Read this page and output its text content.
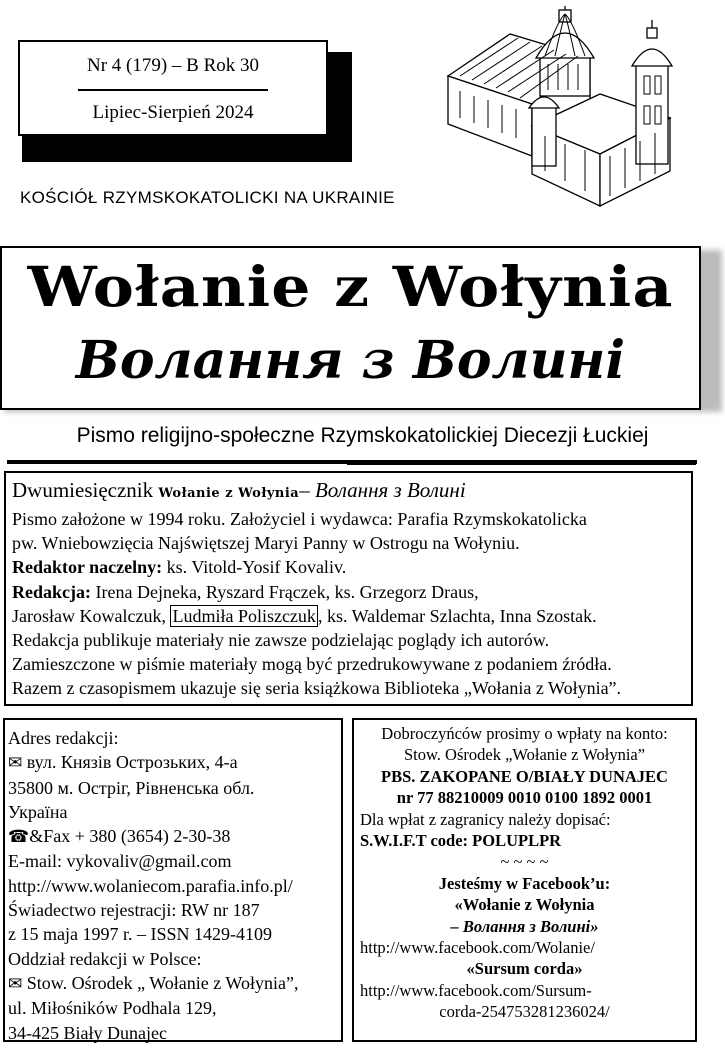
Nr 4 (179) – B Rok 30
Lipiec-Sierpień 2024
KOŚCIÓŁ RZYMSKOKATOLICKI NA UKRAINIE
Wołanie z Wołynia
Волання з Волині
Pismo religijno-społeczne Rzymskokatolickiej Diecezji Łuckiej
Dwumiesięcznik Wołanie z Wołynia– Волання з Волині
Pismo założone w 1994 roku. Założyciel i wydawca: Parafia Rzymskokatolicka
pw. Wniebowzięcia Najświętszej Maryi Panny w Ostrogu na Wołyniu.
Redaktor naczelny: ks. Vitold-Yosif Kovaliv.
Redakcja: Irena Dejneka, Ryszard Frączek, ks. Grzegorz Draus,
Jarosław Kowalczuk, Ludmiła Poliszczuk , ks. Waldemar Szlachta, Inna Szostak.
Redakcja publikuje materiały nie zawsze podzielając poglądy ich autorów.
Zamieszczone w piśmie materiały mogą być przedrukowywane z podaniem źródła.
Razem z czasopismem ukazuje się seria książkowa Biblioteka „Wołania z Wołynia”.
Adres redakcji:
✉ вул. Князів Острозьких, 4-а
35800 м. Острiг, Рiвненська обл.
Україна
☎&Fax + 380 (3654) 2-30-38
E-mail: vykovaliv@gmail.com
http://www.wolaniecom.parafia.info.pl/
Świadectwo rejestracji: RW nr 187
z 15 maja 1997 r. – ISSN 1429-4109
Oddział redakcji w Polsce:
✉ Stow. Ośrodek „ Wołanie z Wołynia”,
ul. Miłośników Podhala 129,
34-425 Biały Dunajec
Dobroczyńców prosimy o wpłaty na konto:
Stow. Ośrodek „Wołanie z Wołynia”
PBS. ZAKOPANE O/BIAŁY DUNAJEC
nr 77 88210009 0010 0100 1892 0001
Dla wpłat z zagranicy należy dopisać:
S.W.I.F.T code: POLUPLPR
~ ~ ~ ~
Jesteśmy w Facebook’u:
«Wołanie z Wołynia
– Волання з Волині»
http://www.facebook.com/Wolanie/
«Sursum corda»
http://www.facebook.com/Sursum-
corda-254753281236024/
